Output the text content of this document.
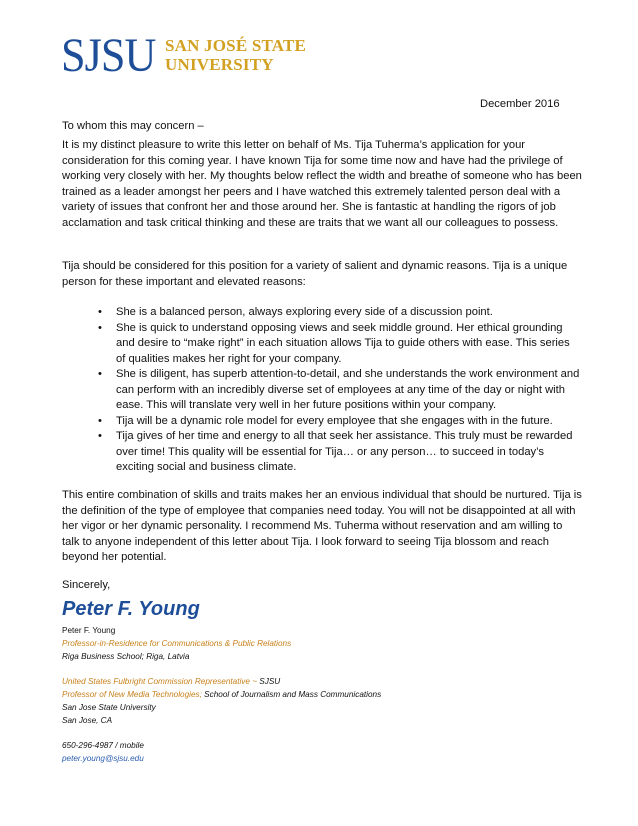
SJSU SAN JOSÉ STATE
UNIVERSITY
December 2016
To whom this may concern –
It is my distinct pleasure to write this letter on behalf of Ms. Tija Tuherma’s application for your consideration for this coming year. I have known Tija for some time now and have had the privilege of working very closely with her. My thoughts below reflect the width and breathe of someone who has been trained as a leader amongst her peers and I have watched this extremely talented person deal with a variety of issues that confront her and those around her. She is fantastic at handling the rigors of job acclamation and task critical thinking and these are traits that we want all our colleagues to possess.
Tija should be considered for this position for a variety of salient and dynamic reasons. Tija is a unique person for these important and elevated reasons:
• She is a balanced person, always exploring every side of a discussion point.
• She is quick to understand opposing views and seek middle ground. Her ethical grounding and desire to “make right” in each situation allows Tija to guide others with ease. This series of qualities makes her right for your company.
• She is diligent, has superb attention-to-detail, and she understands the work environment and can perform with an incredibly diverse set of employees at any time of the day or night with ease. This will translate very well in her future positions within your company.
• Tija will be a dynamic role model for every employee that she engages with in the future.
• Tija gives of her time and energy to all that seek her assistance. This truly must be rewarded over time! This quality will be essential for Tija… or any person… to succeed in today’s exciting social and business climate.
This entire combination of skills and traits makes her an envious individual that should be nurtured. Tija is the definition of the type of employee that companies need today. You will not be disappointed at all with her vigor or her dynamic personality. I recommend Ms. Tuherma without reservation and am willing to talk to anyone independent of this letter about Tija. I look forward to seeing Tija blossom and reach beyond her potential.
Sincerely,
Peter F. Young
Peter F. Young
Professor-in-Residence for Communications & Public Relations
Riga Business School; Riga, Latvia
United States Fulbright Commission Representative ~ SJSU
Professor of New Media Technologies; School of Journalism and Mass Communications
San Jose State University
San Jose, CA
650-296-4987 / mobile
peter.young@sjsu.edu
